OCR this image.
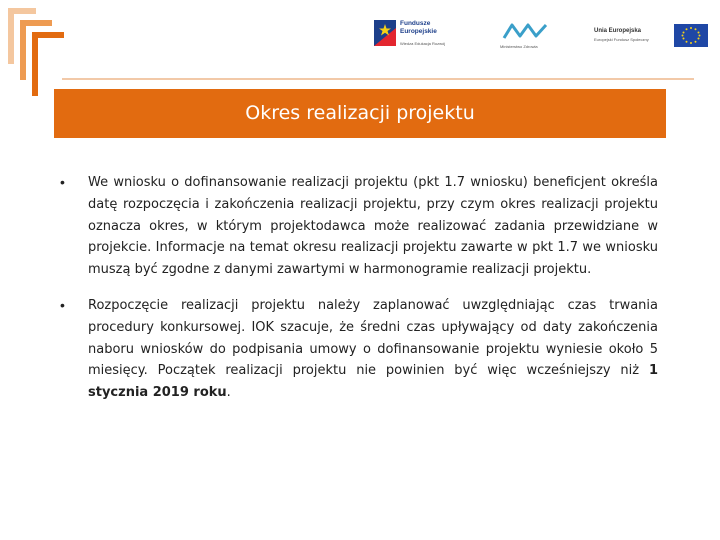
Fundusze
Europejskie
Wiedza Edukacja Rozwój
Ministerstwo Zdrowia
Unia Europejska
Europejski Fundusz Społeczny
Okres realizacji projektu
• We wniosku o dofinansowanie realizacji projektu (pkt 1.7 wniosku) beneficjent określa datę rozpoczęcia i zakończenia realizacji projektu, przy czym okres realizacji projektu oznacza okres, w którym projektodawca może realizować zadania przewidziane w projekcie. Informacje na temat okresu realizacji projektu zawarte w pkt 1.7 we wniosku muszą być zgodne z danymi zawartymi w harmonogramie realizacji projektu.
• Rozpoczęcie realizacji projektu należy zaplanować uwzględniając czas trwania procedury konkursowej. IOK szacuje, że średni czas upływający od daty zakończenia naboru wniosków do podpisania umowy o dofinansowanie projektu wyniesie około 5 miesięcy. Początek realizacji projektu nie powinien być więc wcześniejszy niż 1 stycznia 2019 roku.
